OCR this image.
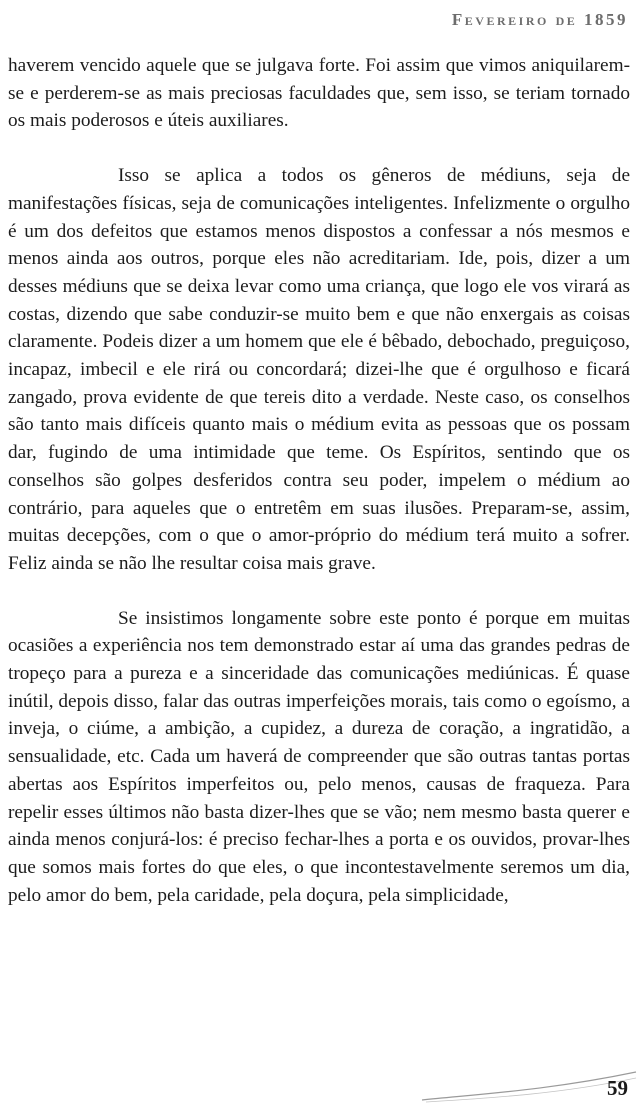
Fevereiro de 1859

haverem vencido aquele que se julgava forte. Foi assim que vimos aniquilarem-se e perderem-se as mais preciosas faculdades que, sem isso, se teriam tornado os mais poderosos e úteis auxiliares.

Isso se aplica a todos os gêneros de médiuns, seja de manifestações físicas, seja de comunicações inteligentes. Infelizmente o orgulho é um dos defeitos que estamos menos dispostos a confessar a nós mesmos e menos ainda aos outros, porque eles não acreditariam. Ide, pois, dizer a um desses médiuns que se deixa levar como uma criança, que logo ele vos virará as costas, dizendo que sabe conduzir-se muito bem e que não enxergais as coisas claramente. Podeis dizer a um homem que ele é bêbado, debochado, preguiçoso, incapaz, imbecil e ele rirá ou concordará; dizei-lhe que é orgulhoso e ficará zangado, prova evidente de que tereis dito a verdade. Neste caso, os conselhos são tanto mais difíceis quanto mais o médium evita as pessoas que os possam dar, fugindo de uma intimidade que teme. Os Espíritos, sentindo que os conselhos são golpes desferidos contra seu poder, impelem o médium ao contrário, para aqueles que o entretêm em suas ilusões. Preparam-se, assim, muitas decepções, com o que o amor-próprio do médium terá muito a sofrer. Feliz ainda se não lhe resultar coisa mais grave.

Se insistimos longamente sobre este ponto é porque em muitas ocasiões a experiência nos tem demonstrado estar aí uma das grandes pedras de tropeço para a pureza e a sinceridade das comunicações mediúnicas. É quase inútil, depois disso, falar das outras imperfeições morais, tais como o egoísmo, a inveja, o ciúme, a ambição, a cupidez, a dureza de coração, a ingratidão, a sensualidade, etc. Cada um haverá de compreender que são outras tantas portas abertas aos Espíritos imperfeitos ou, pelo menos, causas de fraqueza. Para repelir esses últimos não basta dizer-lhes que se vão; nem mesmo basta querer e ainda menos conjurá-los: é preciso fechar-lhes a porta e os ouvidos, provar-lhes que somos mais fortes do que eles, o que incontestavelmente seremos um dia, pelo amor do bem, pela caridade, pela doçura, pela simplicidade,

59
